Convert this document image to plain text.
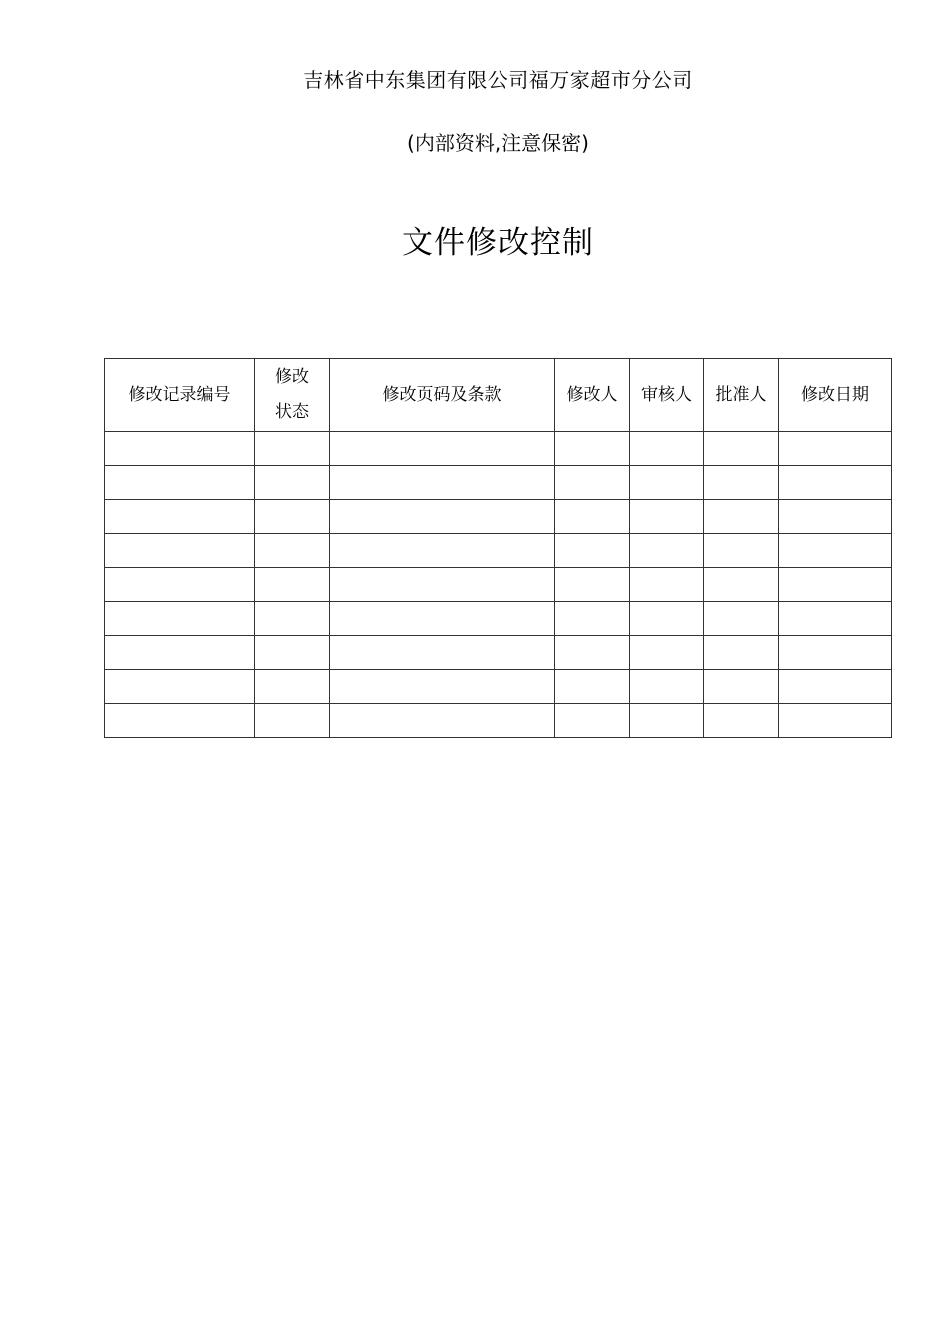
吉林省中东集团有限公司福万家超市分公司
(内部资料,注意保密)
文件修改控制
修改记录编号	修改状态	修改页码及条款	修改人	审核人	批准人	修改日期
